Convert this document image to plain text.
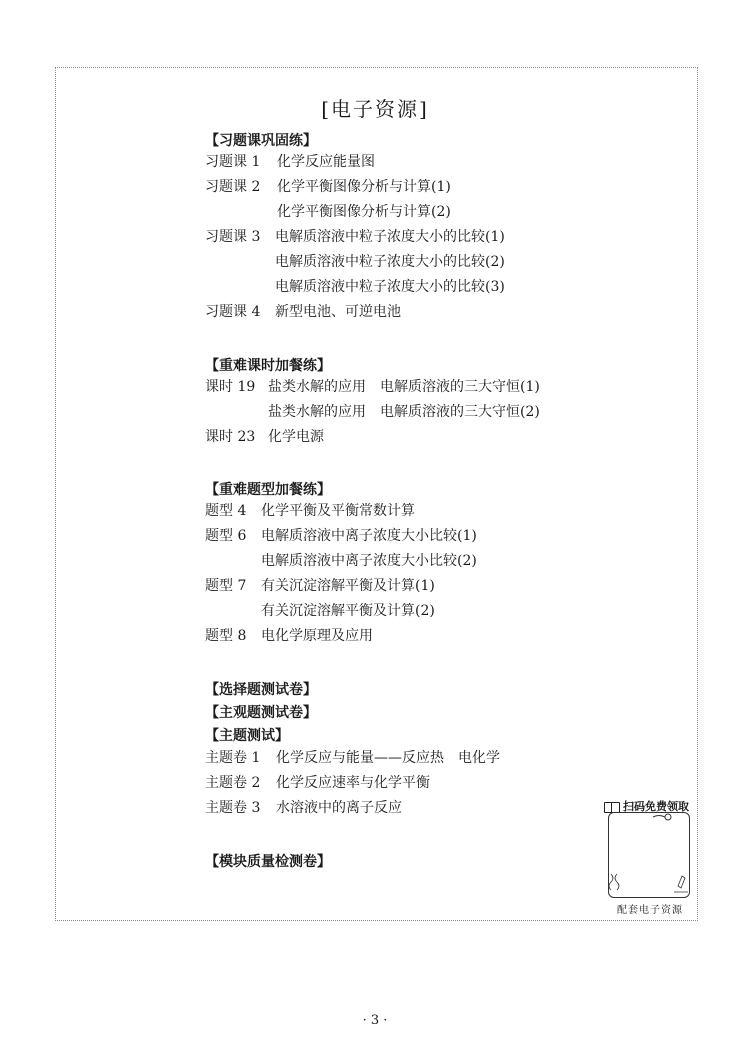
[电子资源]
【习题课巩固练】
习题课 1 化学反应能量图
习题课 2 化学平衡图像分析与计算(1)
化学平衡图像分析与计算(2)
习题课 3 电解质溶液中粒子浓度大小的比较(1)
电解质溶液中粒子浓度大小的比较(2)
电解质溶液中粒子浓度大小的比较(3)
习题课 4 新型电池、可逆电池
【重难课时加餐练】
课时 19 盐类水解的应用　电解质溶液的三大守恒(1)
盐类水解的应用　电解质溶液的三大守恒(2)
课时 23 化学电源
【重难题型加餐练】
题型 4 化学平衡及平衡常数计算
题型 6 电解质溶液中离子浓度大小比较(1)
电解质溶液中离子浓度大小比较(2)
题型 7 有关沉淀溶解平衡及计算(1)
有关沉淀溶解平衡及计算(2)
题型 8 电化学原理及应用
【选择题测试卷】
【主观题测试卷】
【主题测试】
主题卷 1 化学反应与能量——反应热　电化学
主题卷 2 化学反应速率与化学平衡
主题卷 3 水溶液中的离子反应
【模块质量检测卷】
扫码免费领取
配套电子资源
· 3 ·
